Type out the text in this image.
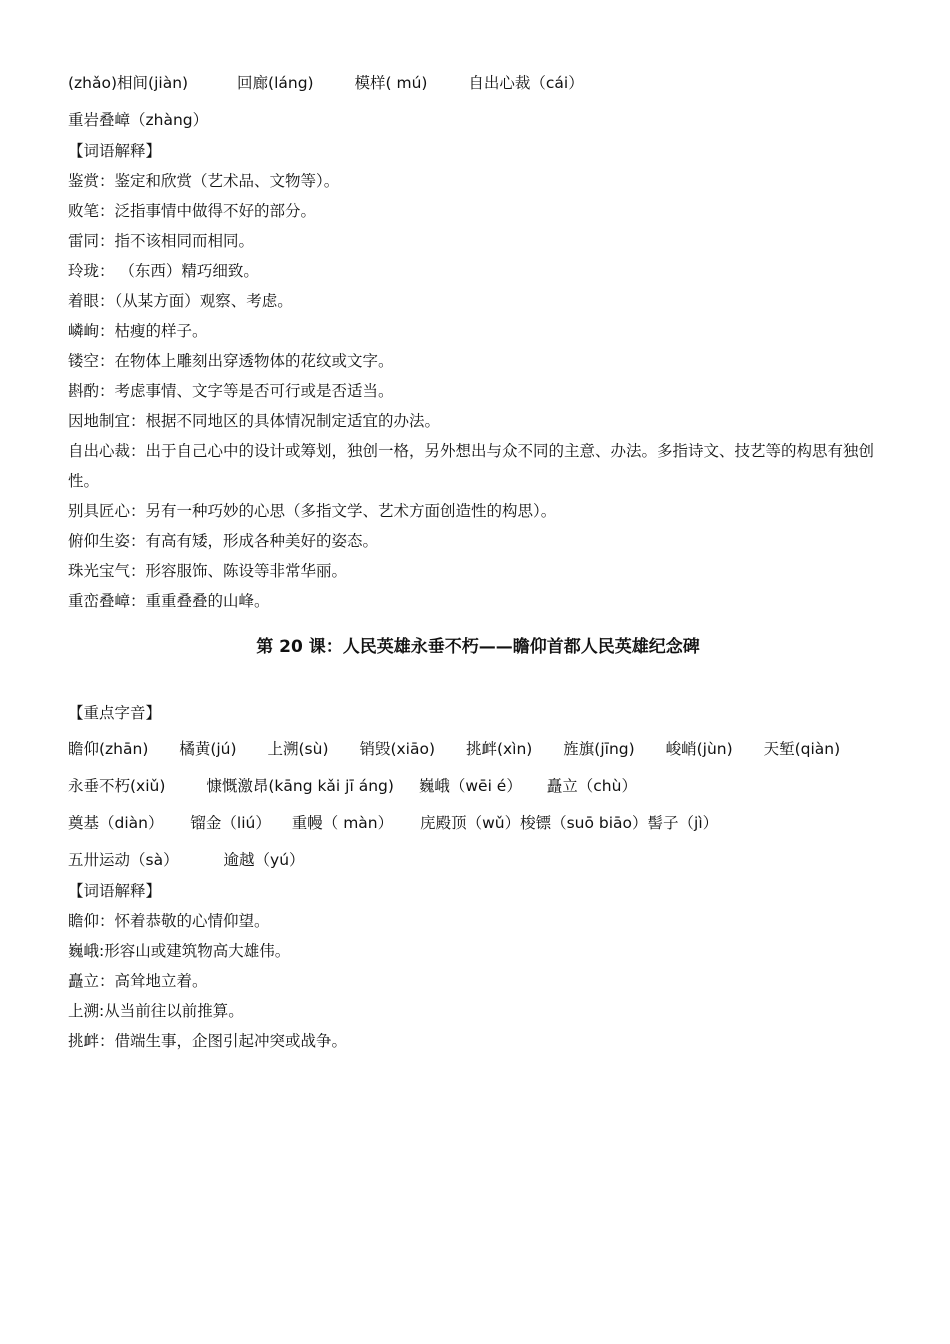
(zhǎo)相间(jiàn)	回廊(láng)	模样( mú)	自出心裁（cái）
重岩叠嶂（zhàng）
【词语解释】
鉴赏：鉴定和欣赏（艺术品、文物等）。
败笔：泛指事情中做得不好的部分。
雷同：指不该相同而相同。
玲珑： （东西）精巧细致。
着眼：（从某方面）观察、考虑。
嶙峋：枯瘦的样子。
镂空：在物体上雕刻出穿透物体的花纹或文字。
斟酌：考虑事情、文字等是否可行或是否适当。
因地制宜：根据不同地区的具体情况制定适宜的办法。
自出心裁：出于自己心中的设计或筹划，独创一格，另外想出与众不同的主意、办法。多指诗文、技艺等的构思有独创性。
别具匠心：另有一种巧妙的心思（多指文学、艺术方面创造性的构思）。
俯仰生姿：有高有矮，形成各种美好的姿态。
珠光宝气：形容服饰、陈设等非常华丽。
重峦叠嶂：重重叠叠的山峰。
第 20 课：人民英雄永垂不朽——瞻仰首都人民英雄纪念碑
【重点字音】
瞻仰(zhān) 橘黄(jú) 上溯(sù) 销毁(xiāo) 挑衅(xìn) 旌旗(jīng) 峻峭(jùn) 天堑(qiàn)
永垂不朽(xiǔ)	慷慨激昂(kāng kǎi jī áng) 巍峨（wēi é） 矗立（chù）
奠基（diàn） 镏金（liú） 重幔（ màn） 庑殿顶（wǔ）梭镖（suō biāo）髻子（jì）
五卅运动（sà）	逾越（yú）
【词语解释】
瞻仰：怀着恭敬的心情仰望。
巍峨:形容山或建筑物高大雄伟。
矗立：高耸地立着。
上溯:从当前往以前推算。
挑衅：借端生事，企图引起冲突或战争。
